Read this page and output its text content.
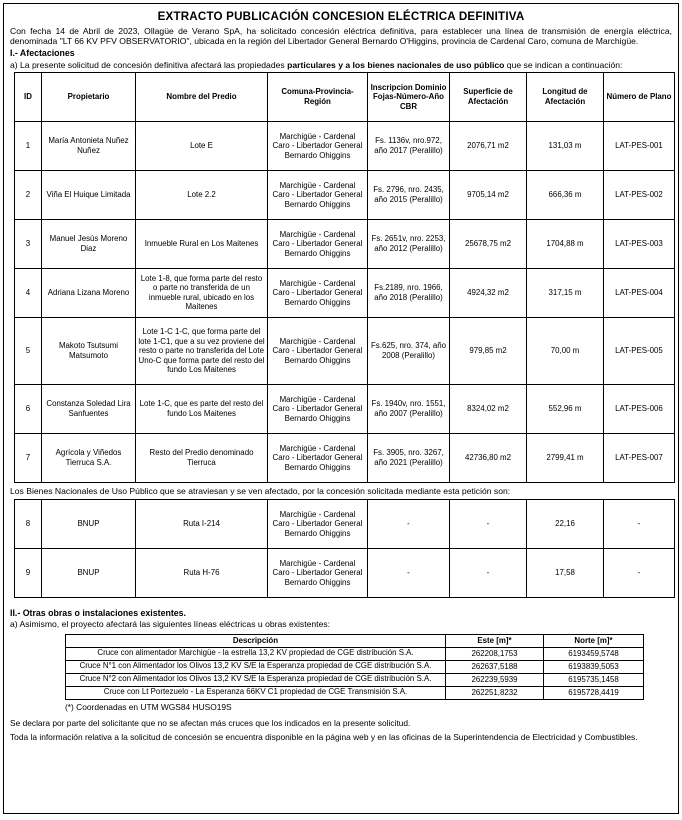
EXTRACTO PUBLICACIÓN CONCESION ELÉCTRICA DEFINITIVA
Con fecha 14 de Abril de 2023, Ollagüe de Verano SpA, ha solicitado concesión eléctrica definitiva, para establecer una línea de transmisión de energía eléctrica, denominada "LT 66 KV PFV OBSERVATORIO", ubicada en la región del Libertador General Bernardo O'Higgins, provincia de Cardenal Caro, comuna de Marchigüe.
I.- Afectaciones
a) La presente solicitud de concesión definitiva afectará las propiedades particulares y a los bienes nacionales de uso público que se indican a continuación:
ID	Propietario	Nombre del Predio	Comuna-Provincia-Región	Inscripcion Dominio Fojas-Número-Año CBR	Superficie de Afectación	Longitud de Afectación	Número de Plano
1	María Antonieta Nuñez Nuñez	Lote E	Marchigüe - Cardenal Caro - Libertador General Bernardo Ohiggins	Fs. 1136v, nro.972, año 2017 (Peralillo)	2076,71 m2	131,03 m	LAT-PES-001
2	Viña El Huique Limitada	Lote 2.2	Marchigüe - Cardenal Caro - Libertador General Bernardo Ohiggins	Fs. 2796, nro. 2435, año 2015 (Peralillo)	9705,14 m2	666,36 m	LAT-PES-002
3	Manuel Jesús Moreno Diaz	Inmueble Rural en Los Maitenes	Marchigüe - Cardenal Caro - Libertador General Bernardo Ohiggins	Fs. 2651v, nro. 2253, año 2012 (Peralillo)	25678,75 m2	1704,88 m	LAT-PES-003
4	Adriana Lizana Moreno	Lote 1-8, que forma parte del resto o parte no transferida de un inmueble rural, ubicado en los Maitenes	Marchigüe - Cardenal Caro - Libertador General Bernardo Ohiggins	Fs.2189, nro. 1966, año 2018 (Peralillo)	4924,32 m2	317,15 m	LAT-PES-004
5	Makoto Tsutsumi Matsumoto	Lote 1-C 1-C, que forma parte del lote 1-C1, que a su vez proviene del resto o parte no transferida del Lote Uno-C que forma parte del resto del fundo Los Maitenes	Marchigüe - Cardenal Caro - Libertador General Bernardo Ohiggins	Fs.625, nro. 374, año 2008 (Peralillo)	979,85 m2	70,00 m	LAT-PES-005
6	Constanza Soledad Lira Sanfuentes	Lote 1-C, que es parte del resto del fundo Los Maitenes	Marchigüe - Cardenal Caro - Libertador General Bernardo Ohiggins	Fs. 1940v, nro. 1551, año 2007 (Peralillo)	8324,02 m2	552,96 m	LAT-PES-006
7	Agrícola y Viñedos Tierruca S.A.	Resto del Predio denominado Tierruca	Marchigüe - Cardenal Caro - Libertador General Bernardo Ohiggins	Fs. 3905, nro. 3267, año 2021 (Peralillo)	42736,80 m2	2799,41 m	LAT-PES-007
Los Bienes Nacionales de Uso Público que se atraviesan y se ven afectado, por la concesión solicitada mediante esta petición son:
8	BNUP	Ruta I-214	Marchigüe - Cardenal Caro - Libertador General Bernardo Ohiggins	-	-	22,16	-
9	BNUP	Ruta H-76	Marchigüe - Cardenal Caro - Libertador General Bernardo Ohiggins	-	-	17,58	-
II.- Otras obras o instalaciones existentes.
a) Asimismo, el proyecto afectará las siguientes líneas eléctricas u obras existentes:
Descripción	Este [m]*	Norte [m]*
Cruce con alimentador Marchigüe - la estrella 13,2 KV propiedad de CGE distribución S.A.	262208,1753	6193459,5748
Cruce N°1 con Alimentador los Olivos 13,2 KV S/E la Esperanza propiedad de CGE distribución S.A.	262637,5188	6193839,5053
Cruce N°2 con Alimentador los Olivos 13,2 KV S/E la Esperanza propiedad de CGE distribución S.A.	262239,5939	6195735,1458
Cruce con Lt Portezuelo - La Esperanza 66KV C1 propiedad de CGE Transmisión S.A.	262251,8232	6195728,4419
(*) Coordenadas en UTM WGS84 HUSO19S
Se declara por parte del solicitante que no se afectan más cruces que los indicados en la presente solicitud.
Toda la información relativa a la solicitud de concesión se encuentra disponible en la página web y en las oficinas de la Superintendencia de Electricidad y Combustibles.
